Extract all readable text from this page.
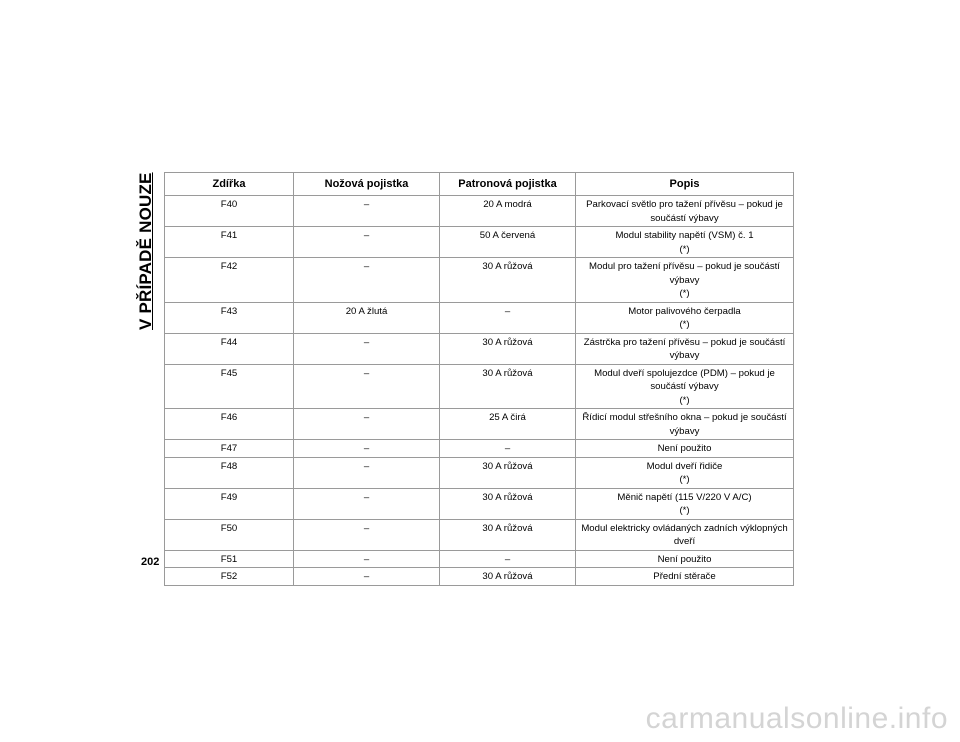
V PŘÍPADĚ NOUZE	Zdířka	Nožová pojistka	Patronová pojistka	Popis
F40	–	20 A modrá	Parkovací světlo pro tažení přívěsu – pokud je součástí výbavy
F41	–	50 A červená	Modul stability napětí (VSM) č. 1
(*)
F42	–	30 A růžová	Modul pro tažení přívěsu – pokud je součástí výbavy
(*)
F43	20 A žlutá	–	Motor palivového čerpadla
(*)
F44	–	30 A růžová	Zástrčka pro tažení přívěsu – pokud je součástí výbavy
F45	–	30 A růžová	Modul dveří spolujezdce (PDM) – pokud je součástí výbavy
(*)
F46	–	25 A čirá	Řídicí modul střešního okna – pokud je součástí výbavy
F47	–	–	Není použito
F48	–	30 A růžová	Modul dveří řidiče
(*)
F49	–	30 A růžová	Měnič napětí (115 V/220 V A/C)
(*)
F50	–	30 A růžová	Modul elektricky ovládaných zadních výklopných dveří
F51	–	–	Není použito
F52	–	30 A růžová	Přední stěrače
202
carmanualsonline.info
